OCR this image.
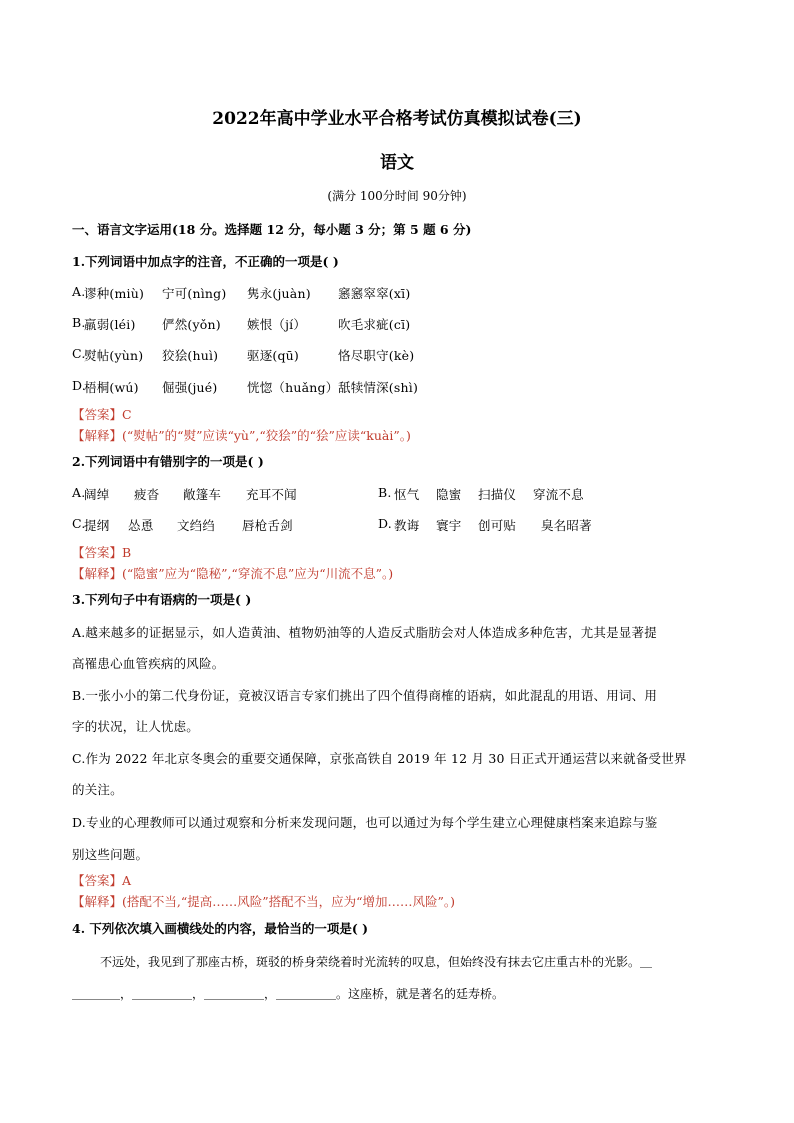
2022年高中学业水平合格考试仿真模拟试卷(三)
语文
(满分 100分时间 90分钟)
一、语言文字运用(18 分。选择题 12 分，每小题 3 分；第 5 题 6 分)
1.下列词语中加点字的注音，不正确的一项是( )
A.
谬种(miù) 宁可(nìng) 隽永(juàn) 窸窸窣窣(xī)
B.
羸弱(léi) 俨然(yǒn) 嫉恨（jí）	吹毛求疵(cī)
C.
熨帖(yùn) 狡狯(huì) 驱逐(qū)	恪尽职守(kè)
D.
梧桐(wú) 倔强(jué) 恍惚（huǎng） 舐犊情深(shì)
【答案】C
【解释】(“熨帖”的“熨”应读“yù”,“狡狯”的“狯”应读“kuài”。)
2.下列词语中有错别字的一项是( )
A.
阔绰 疲沓 敞篷车 充耳不闻	B. 怄气 隐蜜 扫描仪 穿流不息
C.
提纲 怂恿 文绉绉 唇枪舌剑	D. 教诲 寰宇 创可贴 臭名昭著
【答案】B
【解释】(“隐蜜”应为“隐秘”,“穿流不息”应为“川流不息”。)
3.下列句子中有语病的一项是( )
A.越来越多的证据显示，如人造黄油、植物奶油等的人造反式脂肪会对人体造成多种危害，尤其是显著提
高罹患心血管疾病的风险。
B.一张小小的第二代身份证，竟被汉语言专家们挑出了四个值得商榷的语病，如此混乱的用语、用词、用
字的状况，让人忧虑。
C.作为 2022 年北京冬奥会的重要交通保障，京张高铁自 2019 年 12 月 30 日正式开通运营以来就备受世界
的关注。
D.专业的心理教师可以通过观察和分析来发现问题，也可以通过为每个学生建立心理健康档案来追踪与鉴
别这些问题。
【答案】A
【解释】(搭配不当,“提高……风险”搭配不当，应为“增加……风险”。)
4. 下列依次填入画横线处的内容，最恰当的一项是( )
不远处，我见到了那座古桥，斑驳的桥身荣绕着时光流转的叹息，但始终没有抹去它庄重古朴的光影。＿
＿＿＿＿，＿＿＿＿＿，＿＿＿＿＿，＿＿＿＿＿。这座桥，就是著名的廷寿桥。
